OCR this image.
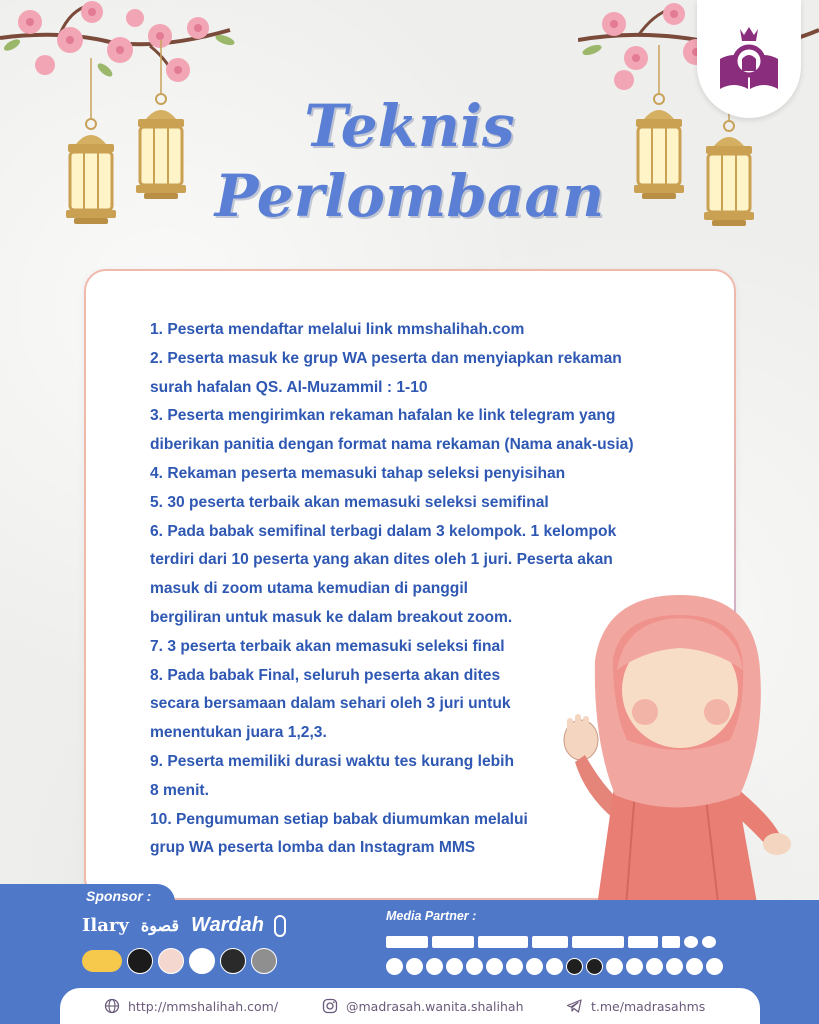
Teknis
Perlombaan
1. Peserta mendaftar melalui link mmshalihah.com
2. Peserta masuk ke grup WA peserta dan menyiapkan rekaman
surah hafalan QS. Al-Muzammil : 1-10
3. Peserta mengirimkan rekaman hafalan ke link telegram yang
diberikan panitia dengan format nama rekaman (Nama anak-usia)
4. Rekaman peserta memasuki tahap seleksi penyisihan
5. 30 peserta terbaik akan memasuki seleksi semifinal
6. Pada babak semifinal terbagi dalam 3 kelompok. 1 kelompok
terdiri dari 10 peserta yang akan dites oleh 1 juri. Peserta akan
masuk di zoom utama kemudian di panggil
bergiliran untuk masuk ke dalam breakout zoom.
7. 3 peserta terbaik akan memasuki seleksi final
8. Pada babak Final, seluruh peserta akan dites
secara bersamaan dalam sehari oleh 3 juri untuk
menentukan juara 1,2,3.
9. Peserta memiliki durasi waktu tes kurang lebih
8 menit.
10. Pengumuman setiap babak diumumkan melalui
grup WA peserta lomba dan Instagram MMS
Sponsor :
Ilary قصوة Wardah	Media Partner :
http://mmshalihah.com/	@madrasah.wanita.shalihah	t.me/madrasahms
